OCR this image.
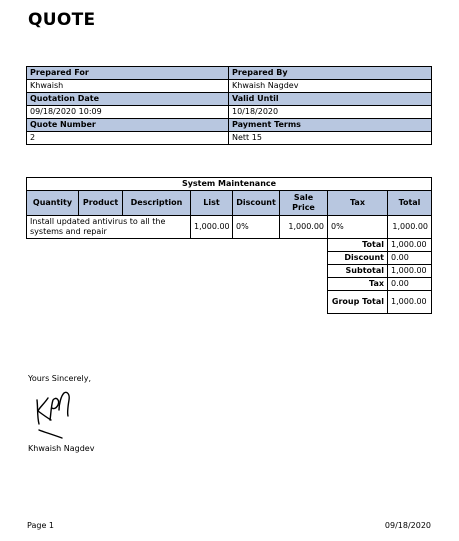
QUOTE
Prepared For	Prepared By
Khwaish	Khwaish Nagdev
Quotation Date	Valid Until
09/18/2020 10:09	10/18/2020
Quote Number	Payment Terms
2	Nett 15
System Maintenance							
Quantity	Product	Description	List	Discount	Sale Price	Tax	Total
Install updated antivirus to all the systems and repair			1,000.00	0%	1,000.00	0%	1,000.00
						Total	1,000.00
						Discount	0.00
						Subtotal	1,000.00
						Tax	0.00
						Group Total	1,000.00
Yours Sincerely,
Khwaish Nagdev
Page 1	09/18/2020
